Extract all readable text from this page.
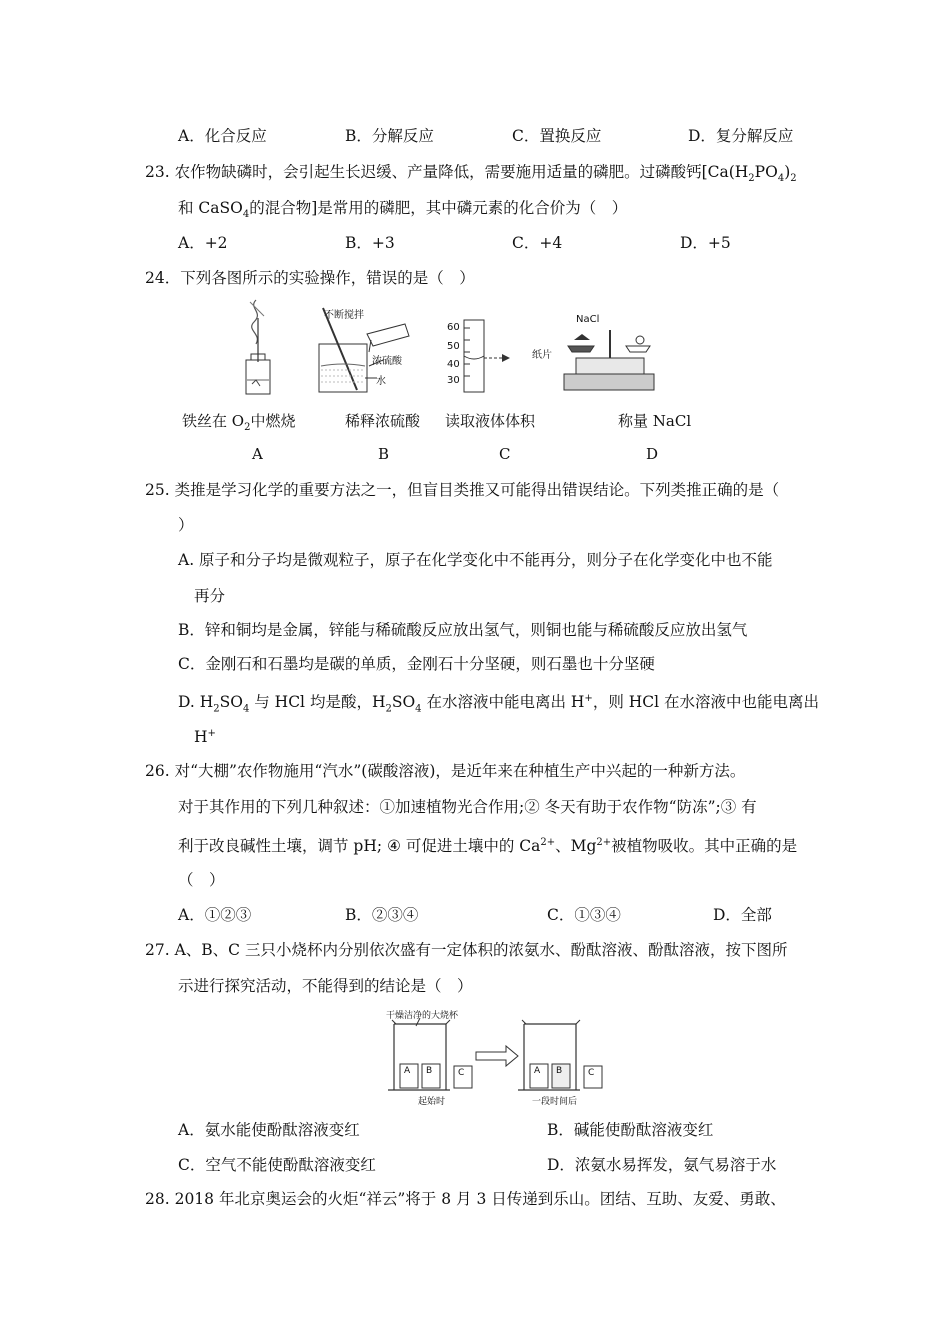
A．化合反应	B．分解反应	C．置换反应	D．复分解反应
23. 农作物缺磷时，会引起生长迟缓、产量降低，需要施用适量的磷肥。过磷酸钙[$Ca(H_2PO_4)_2$
和 CaSO$_4$的混合物]是常用的磷肥，其中磷元素的化合价为（　）
A．+2	B．+3	C．+4	D．+5
24．下列各图所示的实验操作，错误的是（　）
不断搅拌
浓硫酸
水
60
50
40
30
NaCl
纸片
铁丝在 $O_2$中燃烧	稀释浓硫酸 读取液体体积	称量 NaCl
A	B	C	D
25. 类推是学习化学的重要方法之一，但盲目类推又可能得出错误结论。下列类推正确的是（
）
A. 原子和分子均是微观粒子，原子在化学变化中不能再分，则分子在化学变化中也不能
再分
B．锌和铜均是金属，锌能与稀硫酸反应放出氢气，则铜也能与稀硫酸反应放出氢气
C．金刚石和石墨均是碳的单质，金刚石十分坚硬，则石墨也十分坚硬
D. $H_2SO_4$ 与 HCl 均是酸，$H_2SO_4$ 在水溶液中能电离出 H+，则 HCl 在水溶液中也能电离出
H+
26. 对“大棚”农作物施用“汽水”(碳酸溶液)，是近年来在种植生产中兴起的一种新方法。
对于其作用的下列几种叙述：①加速植物光合作用;② 冬天有助于农作物“防冻”;③ 有
利于改良碱性土壤，调节 pH; ④ 可促进土壤中的 $Ca^{2+}$、$Mg^{2+}$被植物吸收。其中正确的是
（　）
A．①②③	B．②③④	C．①③④	D．全部
27. A、B、C 三只小烧杯内分别依次盛有一定体积的浓氨水、酚酞溶液、酚酞溶液，按下图所
示进行探究活动，不能得到的结论是（　）
干燥洁净的大烧杯
A B	C	A B	C
起始时	一段时间后
A．氨水能使酚酞溶液变红	B．碱能使酚酞溶液变红
C．空气不能使酚酞溶液变红	D．浓氨水易挥发，氨气易溶于水
28. 2018 年北京奥运会的火炬“祥云”将于 8 月 3 日传递到乐山。团结、互助、友爱、勇敢、
